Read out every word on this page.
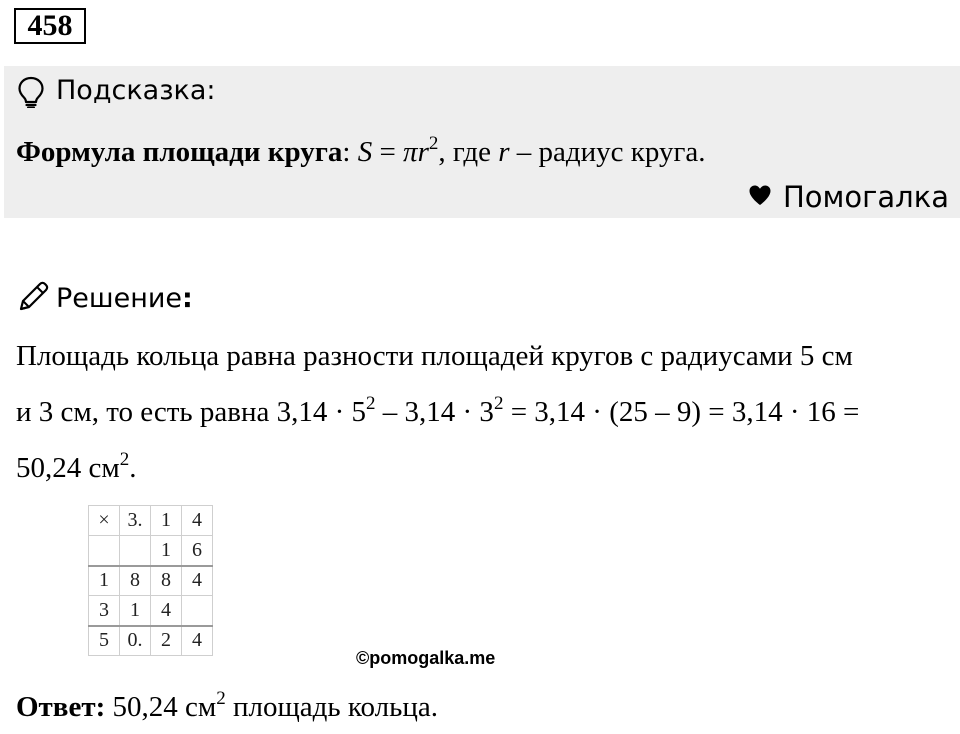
458
Подсказка:
Формула площади круга: $S = \pi r^2$, где r – радиус круга.
Помогалка
Решение:
Площадь кольца равна разности площадей кругов с радиусами 5 см
и 3 см, то есть равна $3,14 \cdot 5^2 - 3,14 \cdot 3^2 = 3,14 \cdot (25 - 9) = 3,14 \cdot 16$ =
50,24 $см^2$.
×	3.	1	4
		1	6
1	8	8	4
3	1	4	
5	0.	2	4
©pomogalka.me
Ответ: 50,24 $см^2$ площадь кольца.
